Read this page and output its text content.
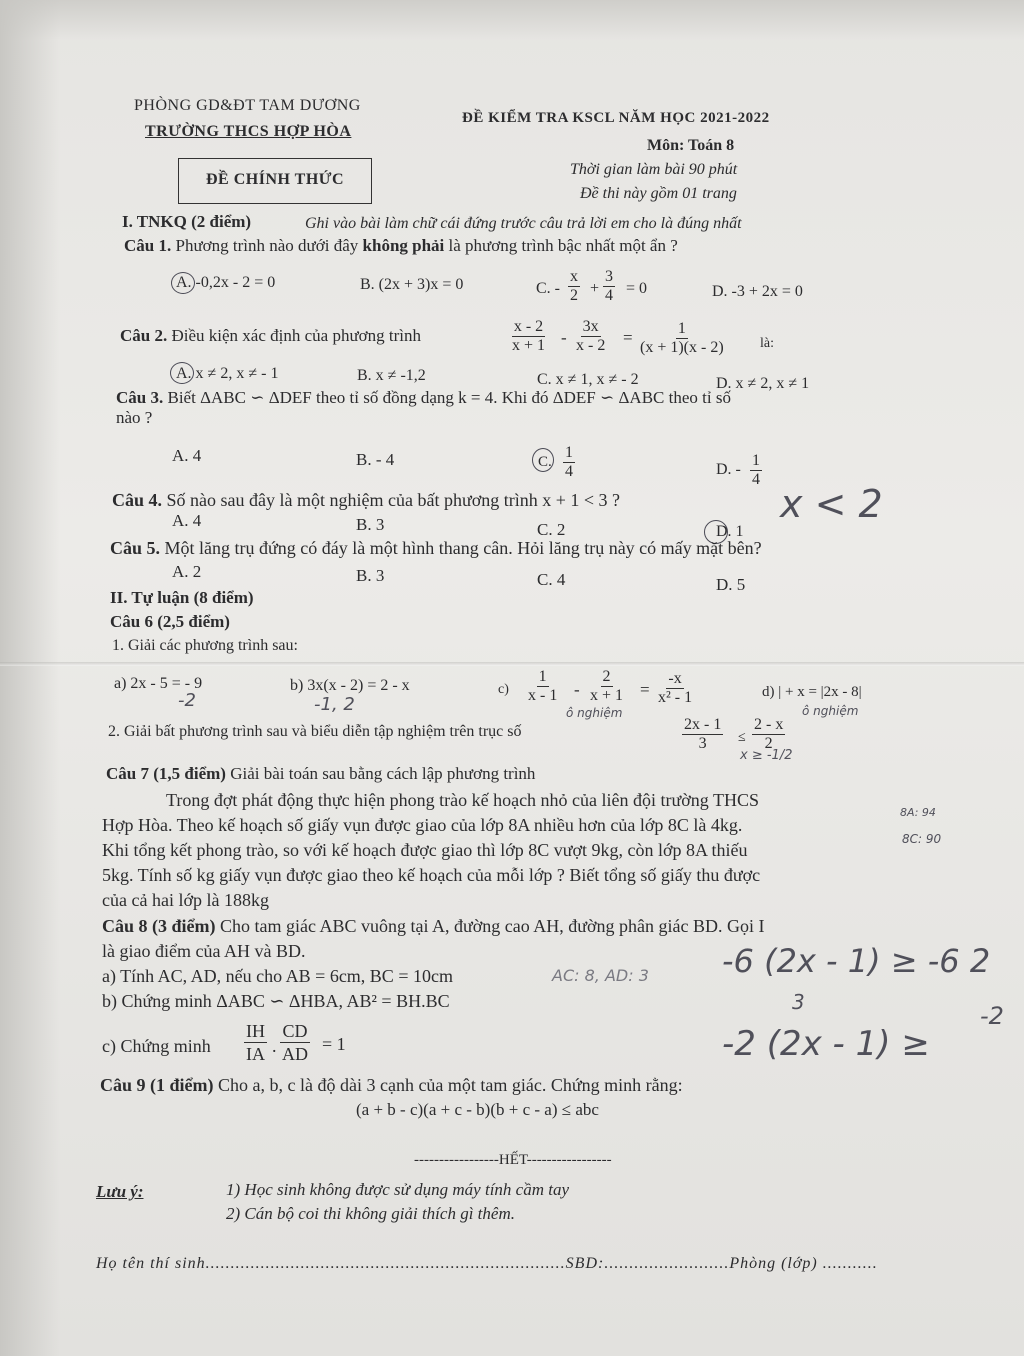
PHÒNG GD&ĐT TAM DƯƠNG
TRƯỜNG THCS HỢP HÒA
ĐỀ CHÍNH THỨC
ĐỀ KIỂM TRA KSCL NĂM HỌC 2021-2022
Môn: Toán 8
Thời gian làm bài 90 phút
Đề thi này gồm 01 trang
I. TNKQ (2 điểm)	Ghi vào bài làm chữ cái đứng trước câu trả lời em cho là đúng nhất
Câu 1. Phương trình nào dưới đây không phải là phương trình bậc nhất một ẩn ?
A. -0,2x - 2 = 0	B. (2x + 3)x = 0	C. - $\frac{x}{2} + \frac{3}{4} = 0$	D. -3 + 2x = 0
Câu 2. Điều kiện xác định của phương trình	$\frac{x - 2}{x + 1} - \frac{3x}{x - 2} = \frac{1}{(x + 1)(x - 2)}$ là:
A. x ≠ 2, x ≠ - 1	B. x ≠ -1,2	C. x ≠ 1, x ≠ - 2	D. x ≠ 2, x ≠ 1
Câu 3. Biết ΔABC ∽ ΔDEF theo tỉ số đồng dạng k = 4. Khi đó ΔDEF ∽ ΔABC theo tỉ số
nào ?
A. 4	B. - 4	C. $\frac{1}{4}$	D. - $\frac{1}{4}$
Câu 4. Số nào sau đây là một nghiệm của bất phương trình x + 1 < 3 ?
A. 4	B. 3	C. 2	D. 1
x < 2
Câu 5. Một lăng trụ đứng có đáy là một hình thang cân. Hỏi lăng trụ này có mấy mặt bên?
A. 2	B. 3	C. 4	D. 5
II. Tự luận (8 điểm)
Câu 6 (2,5 điểm)
1. Giải các phương trình sau:
a) 2x - 5 = - 9
-2
b) 3x(x - 2) = 2 - x
-1, 2
$c) \frac{1}{x - 1} - \frac{2}{x + 1} = \frac{-x}{\text{x² - 1}}$
ô nghiệm
d) | + x = |2x - 8|
ô nghiệm
2. Giải bất phương trình sau và biểu diễn tập nghiệm trên trục số	$\frac{2x - 1}{3} \le \frac{2 - x}{2}$
x ≥ -1/2
Câu 7 (1,5 điểm) Giải bài toán sau bằng cách lập phương trình
Trong đợt phát động thực hiện phong trào kế hoạch nhỏ của liên đội trường THCS
Hợp Hòa. Theo kế hoạch số giấy vụn được giao của lớp 8A nhiều hơn của lớp 8C là 4kg.
Khi tổng kết phong trào, so với kế hoạch được giao thì lớp 8C vượt 9kg, còn lớp 8A thiếu
5kg. Tính số kg giấy vụn được giao theo kế hoạch của mỗi lớp ? Biết tổng số giấy thu được
của cả hai lớp là 188kg
8A: 94
8C: 90
Câu 8 (3 điểm) Cho tam giác ABC vuông tại A, đường cao AH, đường phân giác BD. Gọi I
là giao điểm của AH và BD.
a) Tính AC, AD, nếu cho AB = 6cm, BC = 10cm	AC: 8, AD: 3
b) Chứng minh ΔABC ∽ ΔHBA, AB² = BH.BC
c) Chứng minh $\frac{IH}{IA}$ . $\frac{CD}{AD} = 1$
-6 (2x - 1) ≥ -6 2
3	-2
-2 (2x - 1) ≥
Câu 9 (1 điểm) Cho a, b, c là độ dài 3 cạnh của một tam giác. Chứng minh rằng:
(a + b - c)(a + c - b)(b + c - a) ≤ abc
-----------------HẾT-----------------
Lưu ý:	1) Học sinh không được sử dụng máy tính cầm tay
2) Cán bộ coi thi không giải thích gì thêm.
Họ tên thí sinh........................................................................SBD:.........................Phòng (lớp) ...........
